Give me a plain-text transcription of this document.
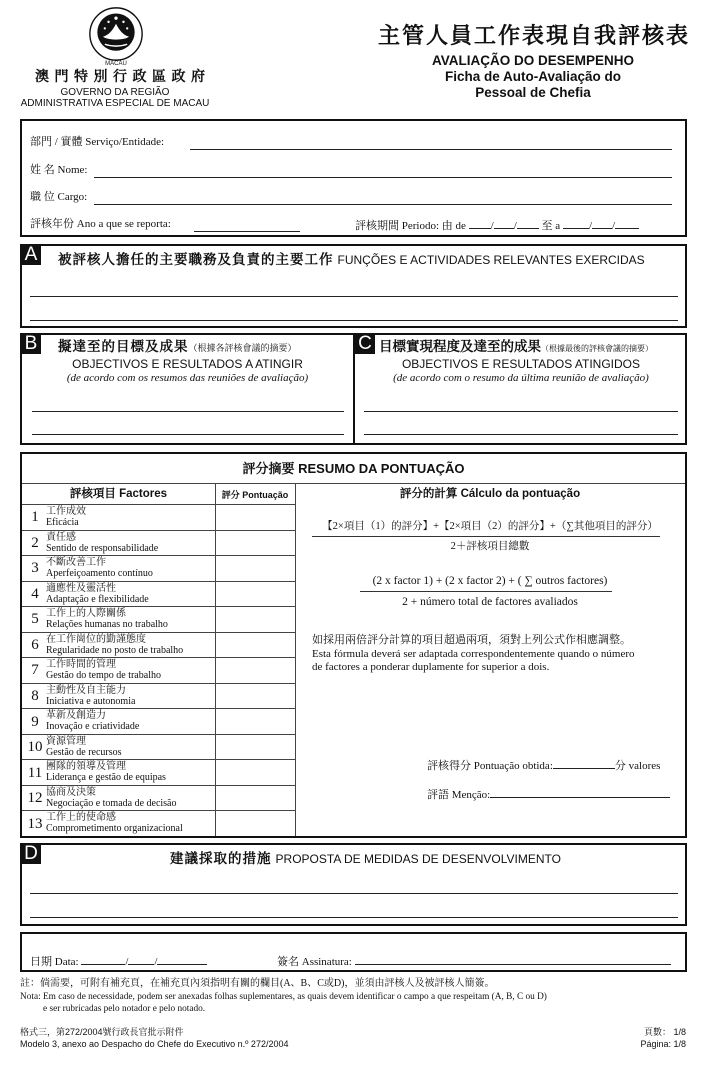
MACAU
澳 門 特 別 行 政 區 政 府
GOVERNO DA REGIÃO
ADMINISTRATIVA ESPECIAL DE MACAU
主管人員工作表現自我評核表
AVALIAÇÃO DO DESEMPENHO
Ficha de Auto-Avaliação do
Pessoal de Chefia
部門 / 實體 Serviço/Entidade:
姓 名 Nome:
職 位 Cargo:
評核年份 Ano a que se reporta:	評核期間 Periodo: 由 de / / 至 a	/ /
A 被評核人擔任的主要職務及負責的主要工作 FUNÇÕES E ACTIVIDADES RELEVANTES EXERCIDAS
B 擬達至的目標及成果（根據各評核會議的摘要）
OBJECTIVOS E RESULTADOS A ATINGIR
(de acordo com os resumos das reuniões de avaliação)
C 目標實現程度及達至的成果（根據最後的評核會議的摘要）
OBJECTIVOS E RESULTADOS ATINGIDOS
(de acordo com o resumo da última reunião de avaliação)
評分摘要 RESUMO DA PONTUAÇÃO
評核項目 Factores	評分 Pontuação	評分的計算 Cálculo da pontuação
1 工作成效
Eficácia
2 責任感
Sentido de responsabilidade
3 不斷改善工作
Aperfeiçoamento contínuo
4 適應性及靈活性
Adaptação e flexibilidade
5 工作上的人際關係
Relações humanas no trabalho
6 在工作崗位的勤謹態度
Regularidade no posto de trabalho
7 工作時間的管理
Gestão do tempo de trabalho
8 主動性及自主能力
Iniciativa e autonomia
9 革新及創造力
Inovação e criatividade
10 資源管理
Gestão de recursos
11 團隊的領導及管理
Liderança e gestão de equipas
12 協商及決策
Negociação e tomada de decisão
13 工作上的使命感
Comprometimento organizacional
【2×項目（1）的評分】+【2×項目（2）的評分】+（∑其他項目的評分）
2＋評核項目總數
(2 x factor 1) + (2 x factor 2) + ( ∑ outros factores)
2 + número total de factores avaliados
如採用兩倍評分計算的項目超過兩項，須對上列公式作相應調整。
Esta fórmula deverá ser adaptada correspondentemente quando o número
de factores a ponderar duplamente for superior a dois.
評核得分 Pontuação obtida:	分 valores
評語 Menção:
D	建議採取的措施 PROPOSTA DE MEDIDAS DE DESENVOLVIMENTO
日期 Data:	/ /	簽名 Assinatura:
註：倘需要，可附有補充頁，在補充頁內須指明有關的欄目(A、B、C或D)，並須由評核人及被評核人簡簽。
Nota: Em caso de necessidade, podem ser anexadas folhas suplementares, as quais devem identificar o campo a que respeitam (A, B, C ou D)
e ser rubricadas pelo notador e pelo notado.
格式三，第272/2004號行政長官批示附件
Modelo 3, anexo ao Despacho do Chefe do Executivo n.º 272/2004
頁數： 1/8
Página: 1/8
